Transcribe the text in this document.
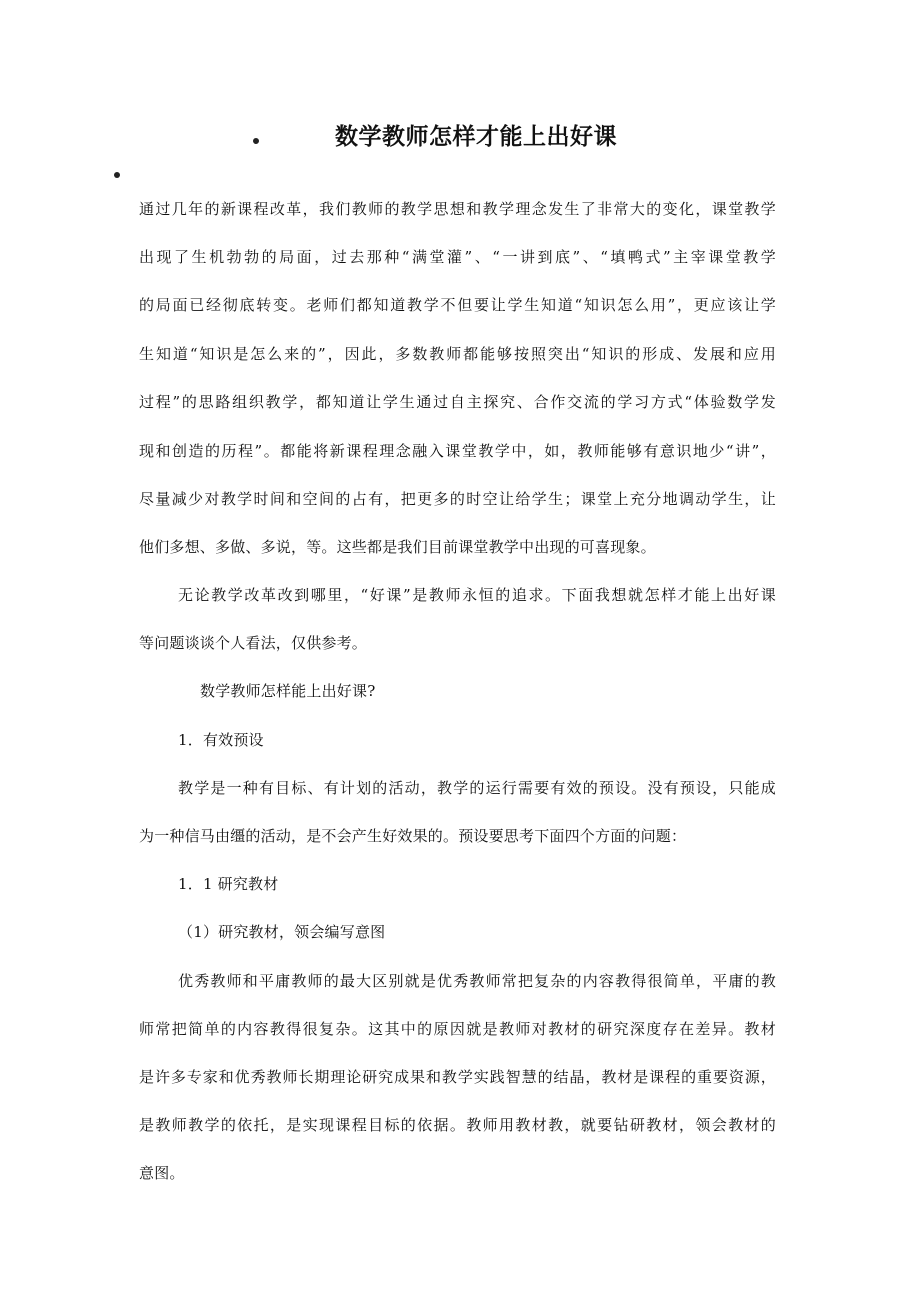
数学教师怎样才能上出好课
通过几年的新课程改革，我们教师的教学思想和教学理念发生了非常大的变化，课堂教学
出现了生机勃勃的局面，过去那种“满堂灌”、“一讲到底”、“填鸭式”主宰课堂教学
的局面已经彻底转变。老师们都知道教学不但要让学生知道“知识怎么用”，更应该让学
生知道“知识是怎么来的”，因此，多数教师都能够按照突出“知识的形成、发展和应用
过程”的思路组织教学，都知道让学生通过自主探究、合作交流的学习方式“体验数学发
现和创造的历程”。都能将新课程理念融入课堂教学中，如，教师能够有意识地少“讲”，
尽量减少对教学时间和空间的占有，把更多的时空让给学生；课堂上充分地调动学生，让
他们多想、多做、多说，等。这些都是我们目前课堂教学中出现的可喜现象。
无论教学改革改到哪里，“好课”是教师永恒的追求。下面我想就怎样才能上出好课
等问题谈谈个人看法，仅供参考。
数学教师怎样能上出好课?
1．有效预设
教学是一种有目标、有计划的活动，教学的运行需要有效的预设。没有预设，只能成
为一种信马由缰的活动，是不会产生好效果的。预设要思考下面四个方面的问题：
1．1 研究教材
（1）研究教材，领会编写意图
优秀教师和平庸教师的最大区别就是优秀教师常把复杂的内容教得很简单，平庸的教
师常把简单的内容教得很复杂。这其中的原因就是教师对教材的研究深度存在差异。教材
是许多专家和优秀教师长期理论研究成果和教学实践智慧的结晶，教材是课程的重要资源，
是教师教学的依托，是实现课程目标的依据。教师用教材教，就要钻研教材，领会教材的
意图。
